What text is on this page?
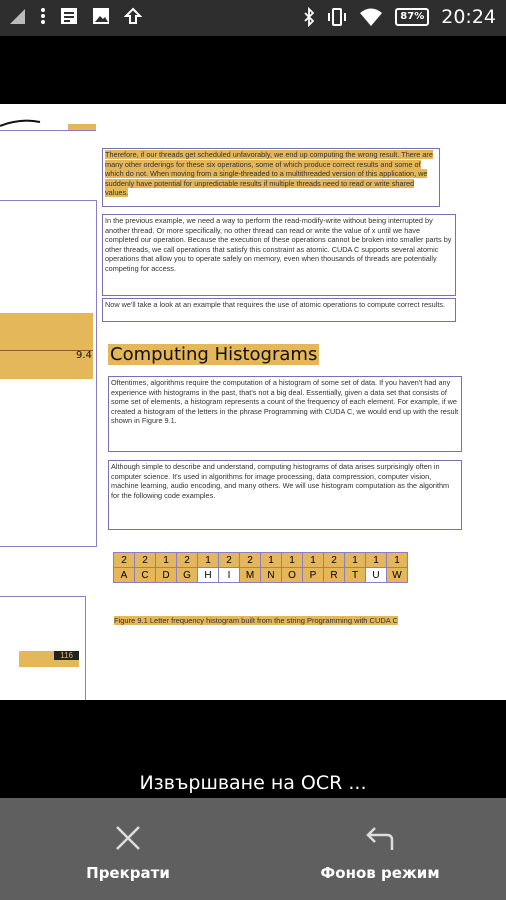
87% 20:24
9.4
116
Therefore, if our threads get scheduled unfavorably, we end up computing the wrong result. There are many other orderings for these six operations, some of which produce correct results and some of which do not. When moving from a single-threaded to a multithreaded version of this application, we suddenly have potential for unpredictable results if multiple threads need to read or write shared values.
In the previous example, we need a way to perform the read-modify-write without being interrupted by another thread. Or more specifically, no other thread can read or write the value of x until we have completed our operation. Because the execution of these operations cannot be broken into smaller parts by other threads, we call operations that satisfy this constraint as atomic. CUDA C supports several atomic operations that allow you to operate safely on memory, even when thousands of threads are potentially competing for access.
Now we'll take a look at an example that requires the use of atomic operations to compute correct results.
Computing Histograms
Oftentimes, algorithms require the computation of a histogram of some set of data. If you haven't had any experience with histograms in the past, that's not a big deal. Essentially, given a data set that consists of some set of elements, a histogram represents a count of the frequency of each element. For example, if we created a histogram of the letters in the phrase Programming with CUDA C, we would end up with the result shown in Figure 9.1.
Although simple to describe and understand, computing histograms of data arises surprisingly often in computer science. It's used in algorithms for image processing, data compression, computer vision, machine learning, audio encoding, and many others. We will use histogram computation as the algorithm for the following code examples.
2	2	1	2	1	2	2	1	1	1	2	1	1	1
A	C	D	G	H	I	M	N	O	P	R	T	U	W
Figure 9.1 Letter frequency histogram built from the string Programming with CUDA C
Извършване на OCR ...
Прекрати	Фонов режим
